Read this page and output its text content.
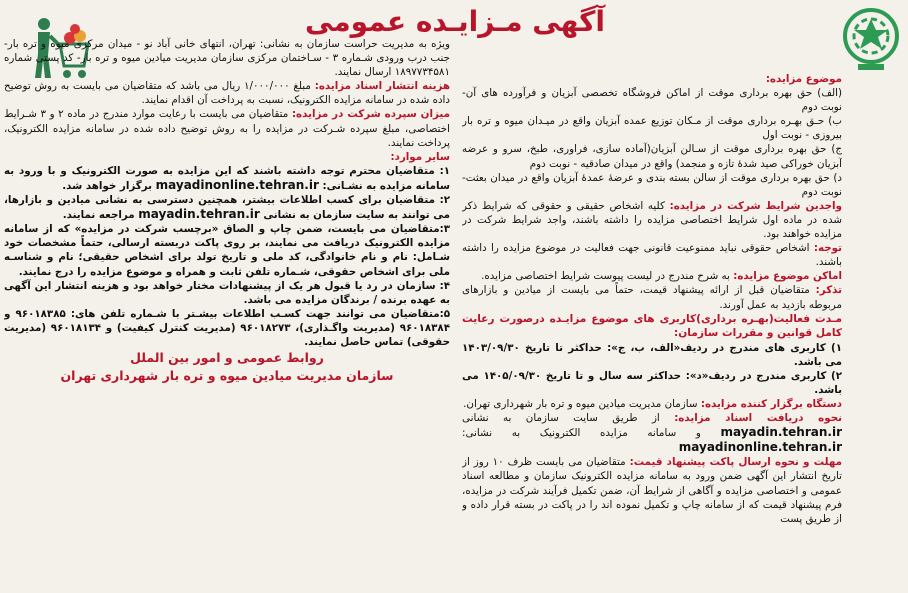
آگهی مـزایـده عمومی

موضوع مزایده:

(الف) حق بهره برداری موقت از اماکن فروشگاه تخصصی آبزیان و فرآورده های آن- نوبت دوم

ب) حـق بهـره برداری موقت از مـکان توزیع عمده آبزیان واقع در میـدان میوه و تره بار بیروزی - نوبت اول

ج) حق بهره برداری موقت از سـالن آبزیان(آماده سازی، فراوری، طبخ، سرو و عرضه آبزیان خوراکی صید شدهٔ تازه و منجمد) واقع در میدان صادقیه - نوبت دوم

د) حق بهره برداری موقت از سالن بسته بندی و عرضهٔ عمدهٔ آبزیان واقع در میدان بعثت- نوبت دوم

واجدین شرایط شرکت در مزایده: کلیه اشخاص حقیقی و حقوقی که شرایط ذکر شده در ماده اول شرایط اختصاصی مزایده را داشته باشند، واجد شرایط شرکت در مزایده خواهند بود.

توجه: اشخاص حقوقی نباید ممنوعیت قانونی جهت فعالیت در موضوع مزایده را داشته باشند.

اماکن موضوع مزایده: به شرح مندرج در لیست پیوست شرایط اختصاصی مزایده.

تذکر: متقاضیان قبل از ارائه پیشنهاد قیمت، حتماً می بایست از میادین و بازارهای مربوطه بازدید به عمل آورند.

مـدت فعالیت(بهـره برداری)کاربری های موضوع مزایـده درصورت رعایت کامل قوانین و مقررات سازمان:

۱) کاربری های مندرج در ردیف«الف، ب، ج»: حداکثر تا تاریخ ۱۴۰۳/۰۹/۳۰ می باشد.

۲) کاربری مندرج در ردیف«د»: حداکثر سه سال و تا تاریخ ۱۴۰۵/۰۹/۳۰ می باشد.

دستگاه برگزار کننده مزایده: سازمان مدیریت میادین میوه و تره بار شهرداری تهران.

نحوه دریافت اسناد مزایده: از طریق سایت سازمان به نشانی mayadin.tehran.ir و سامانه مزایده الکترونیک به نشانی: mayadinonline.tehran.ir

مهلت و نحوه ارسال پاکت پیشنهاد قیمت: متقاضیان می بایست ظرف ۱۰ روز از تاریخ انتشار این آگهی ضمن ورود به سامانه مزایده الکترونیک سازمان و مطالعه اسناد عمومی و اختصاصی مزایده و آگاهی از شرایط آن، ضمن تکمیل فرآیند شرکت در مزایده، فرم پیشنهاد قیمت که از سامانه چاپ و تکمیل نموده اند را در پاکت در بسته قرار داده و از طریق پست

ویژه به مدیریت حراست سازمان به نشانی: تهران، انتهای خانی آباد نو - میدان مرکزی میوه و تره بار- جنب درب ورودی شـماره ۳ - سـاختمان مرکزی سازمان مدیریت میادین میوه و تره بار- کد پستی شماره ۱۸۹۷۷۳۴۵۸۱ ارسال نمایند.

هزینه انتشار اسناد مزایده: مبلغ ۱/۰۰۰/۰۰۰ ریال می باشد که متقاضیان می بایست به روش توضیح داده شده در سامانه مزایده الکترونیک، نسبت به پرداخت آن اقدام نمایند.

میزان سپرده شرکت در مزایده: متقاضیان می بایست با رعایت موارد مندرج در ماده ۲ و ۳ شـرایط اختصاصی، مبلغ سپرده شـرکت در مزایده را به روش توضیح داده شده در سامانه مزایده الکترونیک، پرداخت نمایند.

سایر موارد:

۱: متقاضیان محترم توجه داشته باشند که این مزایده به صورت الکترونیک و با ورود به سامانه مزایده به نشـانی: mayadinonline.tehran.ir برگزار خواهد شد.

۲: متقاضیان برای کسب اطلاعات بیشتر، همچنین دسترسی به نشانی میادین و بازارها، می توانند به سایت سازمان به نشانی mayadin.tehran.ir مراجعه نمایند.

۳:متقاضیان می بایست، ضمن چاپ و الصاق «برچسب شرکت در مزایده» که از سامانه مزایده الکترونیک دریافت می نمایند، بر روی پاکت دربسته ارسالی، حتماً مشخصات خود شـامل: نام و نام خانوادگی، کد ملی و تاریخ تولد برای اشخاص حقیقی؛ نام و شناسـه ملی برای اشخاص حقوقی، شـماره تلفن ثابت و همراه و موضوع مزایده را درج نمایند.

۴: سازمان در رد یا قبول هر یک از پیشنهادات مختار خواهد بود و هزینه انتشار این آگهی به عهده برنده / برندگان مزایده می باشد.

۵:متقاضیان می توانند جهت کسـب اطلاعات بیشـتر با شـماره تلفن های: ۹۶۰۱۸۳۸۵ و ۹۶۰۱۸۳۸۴ (مدیریت واگـذاری)، ۹۶۰۱۸۲۷۳ (مدیریت کنترل کیفیت) و ۹۶۰۱۸۱۳۴ (مدیریت حقوقی) تماس حاصل نمایند.

روابط عمومی و امور بین الملل

سازمان مدیریت میادین میوه و تره بار شهرداری تهران
